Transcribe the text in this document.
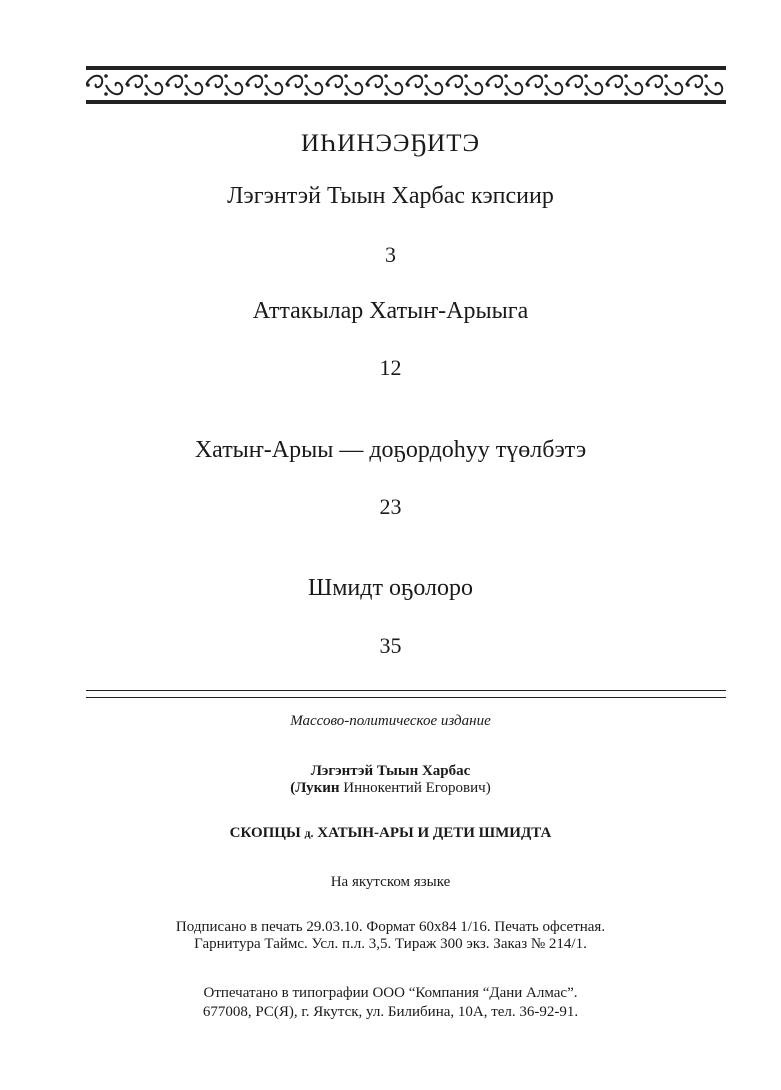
ИҺИНЭЭҔИТЭ
Лэгэнтэй Тыын Харбас кэпсиир
3
Аттакылар Хатыҥ-Арыыга
12
Хатыҥ-Арыы — доҕордоһуу түөлбэтэ
23
Шмидт оҕолоро
35
Массово-политическое издание
Лэгэнтэй Тыын Харбас
(Лукин Иннокентий Егорович)
СКОПЦЫ д. ХАТЫН-АРЫ И ДЕТИ ШМИДТА
На якутском языке
Подписано в печать 29.03.10. Формат 60х84 1/16. Печать офсетная.
Гарнитура Таймс. Усл. п.л. 3,5. Тираж 300 экз. Заказ № 214/1.
Отпечатано в типографии ООО “Компания “Дани Алмас”.
677008, РС(Я), г. Якутск, ул. Билибина, 10А, тел. 36-92-91.
